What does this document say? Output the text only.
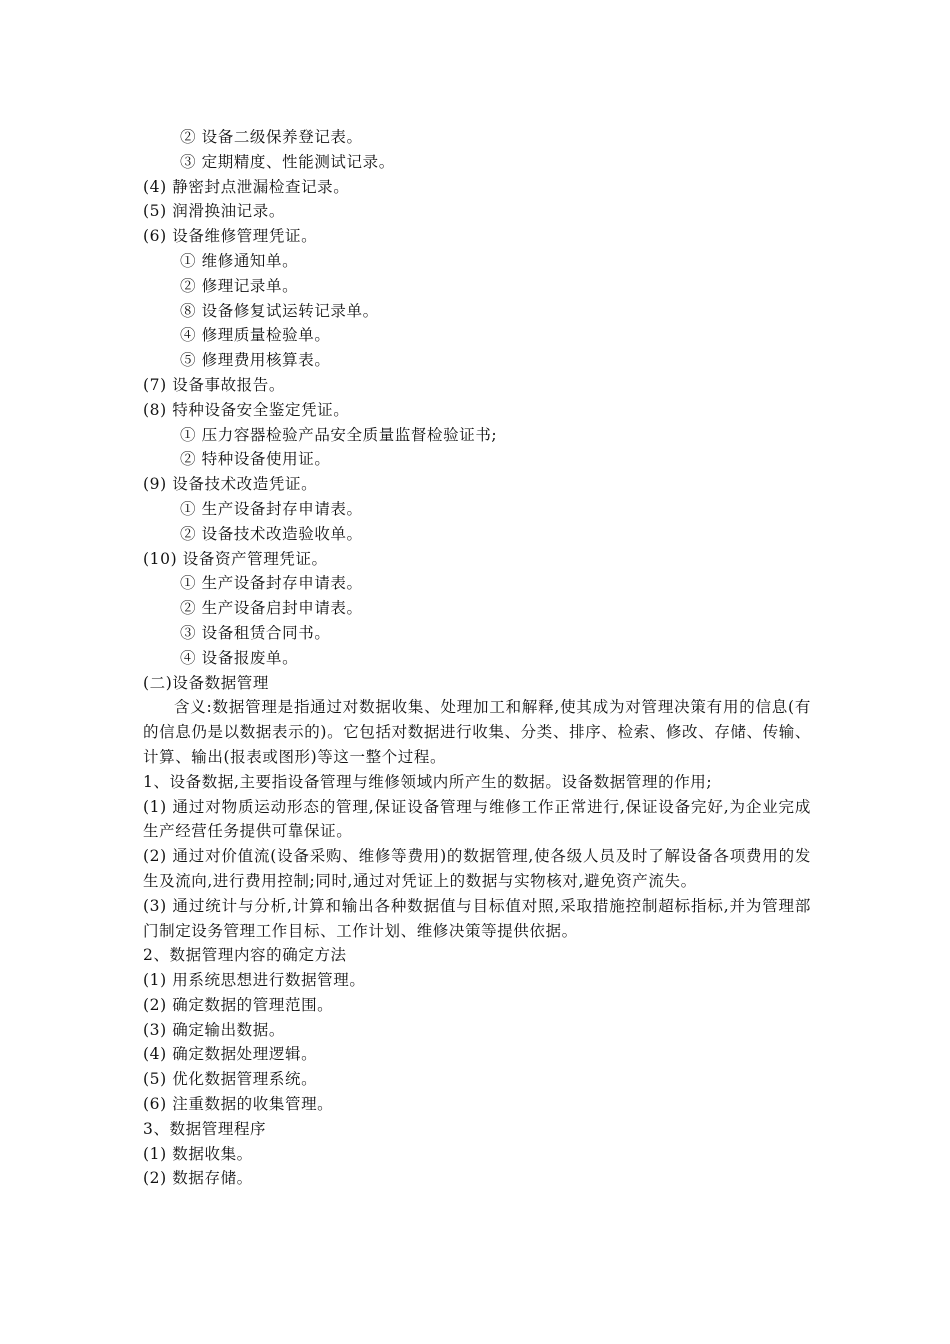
② 设备二级保养登记表。
③ 定期精度、性能测试记录。
(4) 静密封点泄漏检查记录。
(5) 润滑换油记录。
(6) 设备维修管理凭证。
① 维修通知单。
② 修理记录单。
⑧ 设备修复试运转记录单。
④ 修理质量检验单。
⑤ 修理费用核算表。
(7) 设备事故报告。
(8) 特种设备安全鉴定凭证。
① 压力容器检验产品安全质量监督检验证书;
② 特种设备使用证。
(9) 设备技术改造凭证。
① 生产设备封存申请表。
② 设备技术改造验收单。
(10) 设备资产管理凭证。
① 生产设备封存申请表。
② 生产设备启封申请表。
③ 设备租赁合同书。
④ 设备报废单。
(二)设备数据管理
含义:数据管理是指通过对数据收集、处理加工和解释,使其成为对管理决策有用的信息(有的信息仍是以数据表示的)。它包括对数据进行收集、分类、排序、检索、修改、存储、传输、计算、输出(报表或图形)等这一整个过程。
1、设备数据,主要指设备管理与维修领域内所产生的数据。设备数据管理的作用;
(1) 通过对物质运动形态的管理,保证设备管理与维修工作正常进行,保证设备完好,为企业完成生产经营任务提供可靠保证。
(2) 通过对价值流(设备采购、维修等费用)的数据管理,使各级人员及时了解设备各项费用的发生及流向,进行费用控制;同时,通过对凭证上的数据与实物核对,避免资产流失。
(3) 通过统计与分析,计算和输出各种数据值与目标值对照,采取措施控制超标指标,并为管理部门制定设务管理工作目标、工作计划、维修决策等提供依据。
2、数据管理内容的确定方法
(1) 用系统思想进行数据管理。
(2) 确定数据的管理范围。
(3) 确定输出数据。
(4) 确定数据处理逻辑。
(5) 优化数据管理系统。
(6) 注重数据的收集管理。
3、数据管理程序
(1) 数据收集。
(2) 数据存储。
